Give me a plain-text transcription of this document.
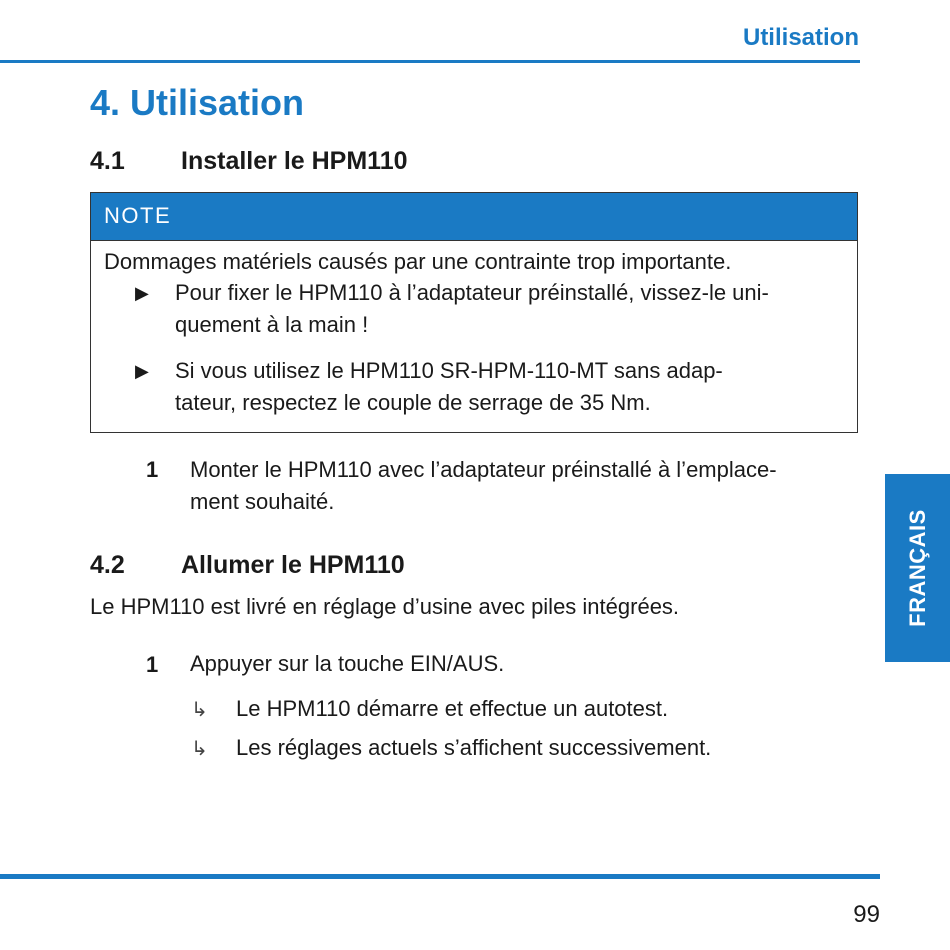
Utilisation
4. Utilisation
4.1 Installer le HPM110
NOTE
Dommages matériels causés par une contrainte trop importante.
▶ Pour fixer le HPM110 à l’adaptateur préinstallé, vissez-le uni-
quement à la main !
▶ Si vous utilisez le HPM110 SR-HPM-110-MT sans adap-
tateur, respectez le couple de serrage de 35 Nm.
1 Monter le HPM110 avec l’adaptateur préinstallé à l’emplace-
ment souhaité.
4.2 Allumer le HPM110
Le HPM110 est livré en réglage d’usine avec piles intégrées.
1 Appuyer sur la touche EIN/AUS.
↳ Le HPM110 démarre et effectue un autotest.
↳ Les réglages actuels s’affichent successivement.
FRANÇAIS
99
